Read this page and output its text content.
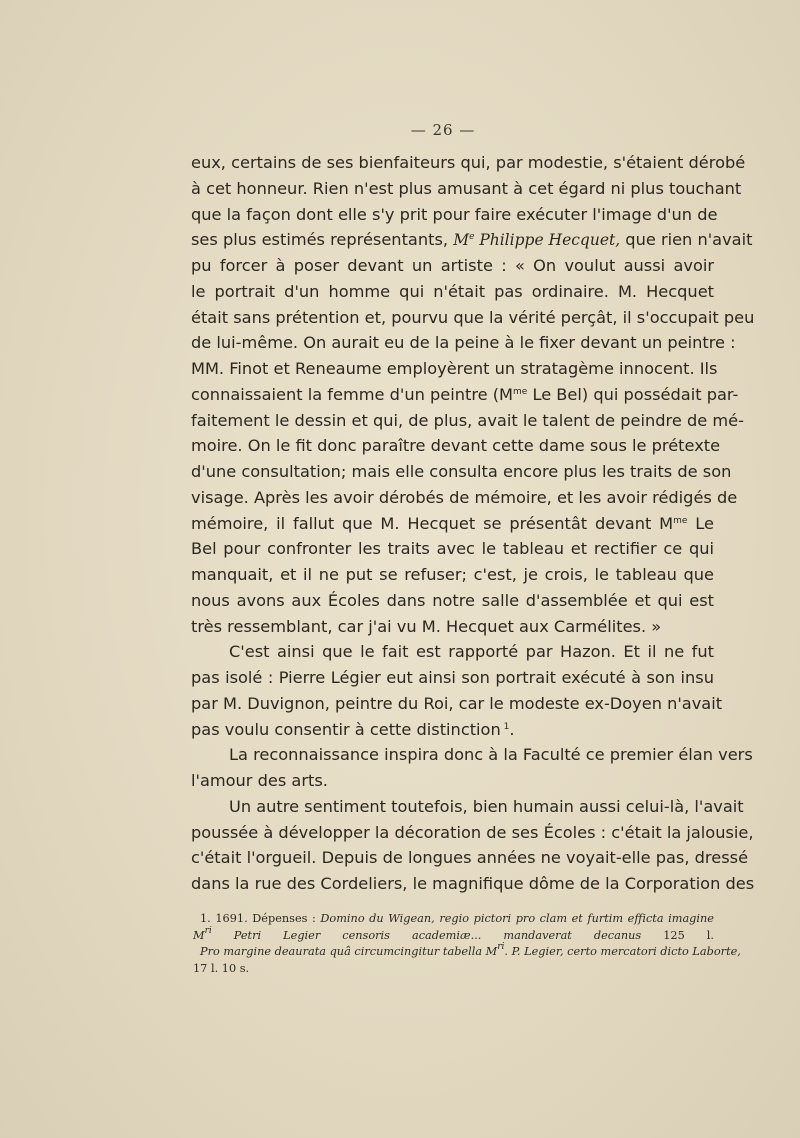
— 26 —
eux, certains de ses bienfaiteurs qui, par modestie, s'étaient dérobé
à cet honneur. Rien n'est plus amusant à cet égard ni plus touchant
que la façon dont elle s'y prit pour faire exécuter l'image d'un de
ses plus estimés représentants, Me Philippe Hecquet, que rien n'avait
pu forcer à poser devant un artiste : « On voulut aussi avoir
le portrait d'un homme qui n'était pas ordinaire. M. Hecquet
était sans prétention et, pourvu que la vérité perçât, il s'occupait peu
de lui-même. On aurait eu de la peine à le fixer devant un peintre :
MM. Finot et Reneaume employèrent un stratagème innocent. Ils
connaissaient la femme d'un peintre ($M^{me}$ Le Bel) qui possédait par-
faitement le dessin et qui, de plus, avait le talent de peindre de mé-
moire. On le fit donc paraître devant cette dame sous le prétexte
d'une consultation; mais elle consulta encore plus les traits de son
visage. Après les avoir dérobés de mémoire, et les avoir rédigés de
mémoire, il fallut que M. Hecquet se présentât devant $M^{me}$ Le
Bel pour confronter les traits avec le tableau et rectifier ce qui
manquait, et il ne put se refuser; c'est, je crois, le tableau que
nous avons aux Écoles dans notre salle d'assemblée et qui est
très ressemblant, car j'ai vu M. Hecquet aux Carmélites. »
C'est ainsi que le fait est rapporté par Hazon. Et il ne fut
pas isolé : Pierre Légier eut ainsi son portrait exécuté à son insu
par M. Duvignon, peintre du Roi, car le modeste ex-Doyen n'avait
pas voulu consentir à cette distinction $^1$.
La reconnaissance inspira donc à la Faculté ce premier élan vers
l'amour des arts.
Un autre sentiment toutefois, bien humain aussi celui-là, l'avait
poussée à développer la décoration de ses Écoles : c'était la jalousie,
c'était l'orgueil. Depuis de longues années ne voyait-elle pas, dressé
dans la rue des Cordeliers, le magnifique dôme de la Corporation des
1. 1691. Dépenses : Domino du Wigean, regio pictori pro clam et furtim efficta imagine
$M^{ri}$ Petri Legier censoris academiæ... mandaverat decanus 125 l.
Pro margine deaurata quâ circumcingitur tabella $M^{ri}$. P. Legier, certo mercatori dicto Laborte,
17 l. 10 s.
